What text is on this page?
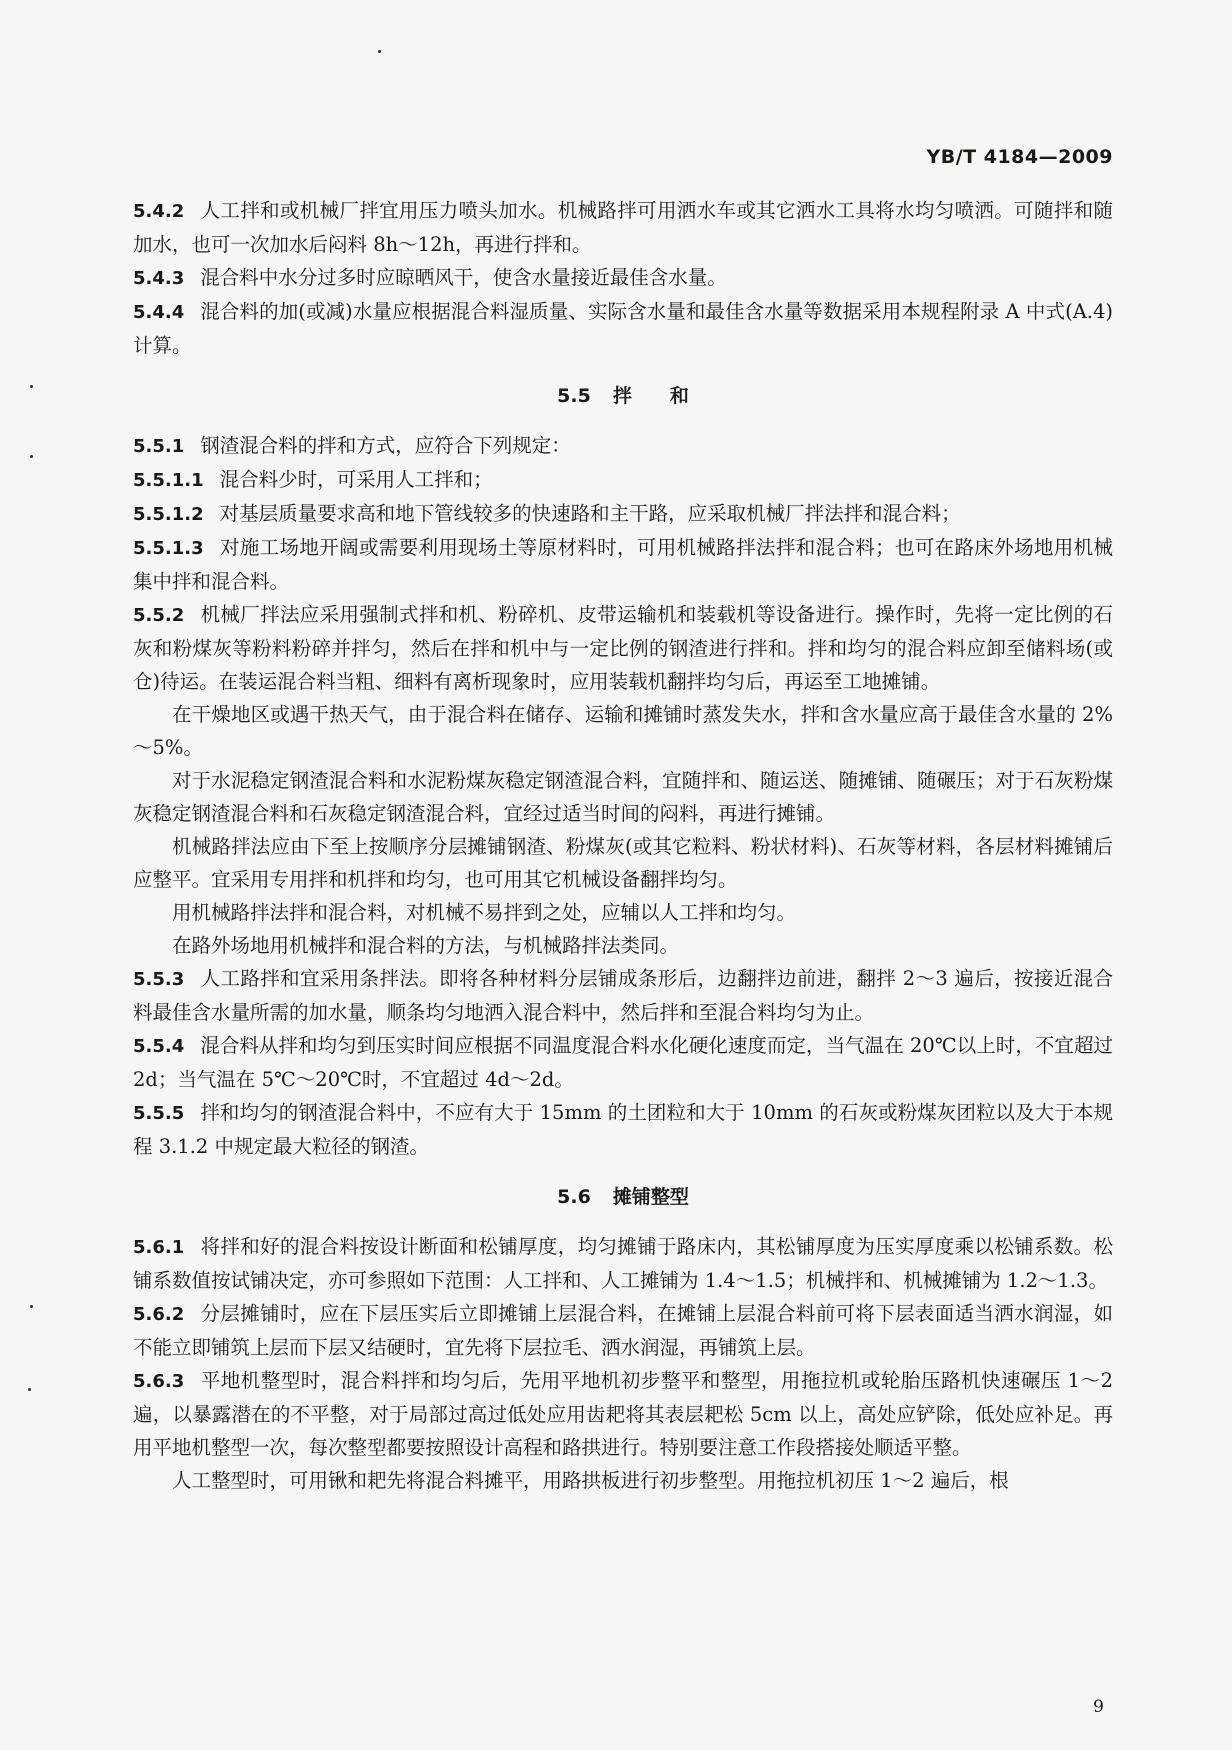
YB/T 4184—2009

5.4.2 人工拌和或机械厂拌宜用压力喷头加水。机械路拌可用洒水车或其它洒水工具将水均匀喷洒。可随拌和随加水，也可一次加水后闷料 8h～12h，再进行拌和。

5.4.3 混合料中水分过多时应晾晒风干，使含水量接近最佳含水量。

5.4.4 混合料的加(或减)水量应根据混合料湿质量、实际含水量和最佳含水量等数据采用本规程附录 A 中式(A.4)计算。

5.5 拌　　和

5.5.1 钢渣混合料的拌和方式，应符合下列规定：

5.5.1.1 混合料少时，可采用人工拌和；

5.5.1.2 对基层质量要求高和地下管线较多的快速路和主干路，应采取机械厂拌法拌和混合料；

5.5.1.3 对施工场地开阔或需要利用现场土等原材料时，可用机械路拌法拌和混合料；也可在路床外场地用机械集中拌和混合料。

5.5.2 机械厂拌法应采用强制式拌和机、粉碎机、皮带运输机和装载机等设备进行。操作时，先将一定比例的石灰和粉煤灰等粉料粉碎并拌匀，然后在拌和机中与一定比例的钢渣进行拌和。拌和均匀的混合料应卸至储料场(或仓)待运。在装运混合料当粗、细料有离析现象时，应用装载机翻拌均匀后，再运至工地摊铺。

在干燥地区或遇干热天气，由于混合料在储存、运输和摊铺时蒸发失水，拌和含水量应高于最佳含水量的 2%～5%。

对于水泥稳定钢渣混合料和水泥粉煤灰稳定钢渣混合料，宜随拌和、随运送、随摊铺、随碾压；对于石灰粉煤灰稳定钢渣混合料和石灰稳定钢渣混合料，宜经过适当时间的闷料，再进行摊铺。

机械路拌法应由下至上按顺序分层摊铺钢渣、粉煤灰(或其它粒料、粉状材料)、石灰等材料，各层材料摊铺后应整平。宜采用专用拌和机拌和均匀，也可用其它机械设备翻拌均匀。

用机械路拌法拌和混合料，对机械不易拌到之处，应辅以人工拌和均匀。

在路外场地用机械拌和混合料的方法，与机械路拌法类同。

5.5.3 人工路拌和宜采用条拌法。即将各种材料分层铺成条形后，边翻拌边前进，翻拌 2～3 遍后，按接近混合料最佳含水量所需的加水量，顺条均匀地洒入混合料中，然后拌和至混合料均匀为止。

5.5.4 混合料从拌和均匀到压实时间应根据不同温度混合料水化硬化速度而定，当气温在 20℃以上时，不宜超过 2d；当气温在 5℃～20℃时，不宜超过 4d～2d。

5.5.5 拌和均匀的钢渣混合料中，不应有大于 15mm 的土团粒和大于 10mm 的石灰或粉煤灰团粒以及大于本规程 3.1.2 中规定最大粒径的钢渣。

5.6 摊铺整型

5.6.1 将拌和好的混合料按设计断面和松铺厚度，均匀摊铺于路床内，其松铺厚度为压实厚度乘以松铺系数。松铺系数值按试铺决定，亦可参照如下范围：人工拌和、人工摊铺为 1.4～1.5；机械拌和、机械摊铺为 1.2～1.3。

5.6.2 分层摊铺时，应在下层压实后立即摊铺上层混合料，在摊铺上层混合料前可将下层表面适当洒水润湿，如不能立即铺筑上层而下层又结硬时，宜先将下层拉毛、洒水润湿，再铺筑上层。

5.6.3 平地机整型时，混合料拌和均匀后，先用平地机初步整平和整型，用拖拉机或轮胎压路机快速碾压 1～2 遍，以暴露潜在的不平整，对于局部过高过低处应用齿耙将其表层耙松 5cm 以上，高处应铲除，低处应补足。再用平地机整型一次，每次整型都要按照设计高程和路拱进行。特别要注意工作段搭接处顺适平整。

人工整型时，可用锹和耙先将混合料摊平，用路拱板进行初步整型。用拖拉机初压 1～2 遍后，根

9
